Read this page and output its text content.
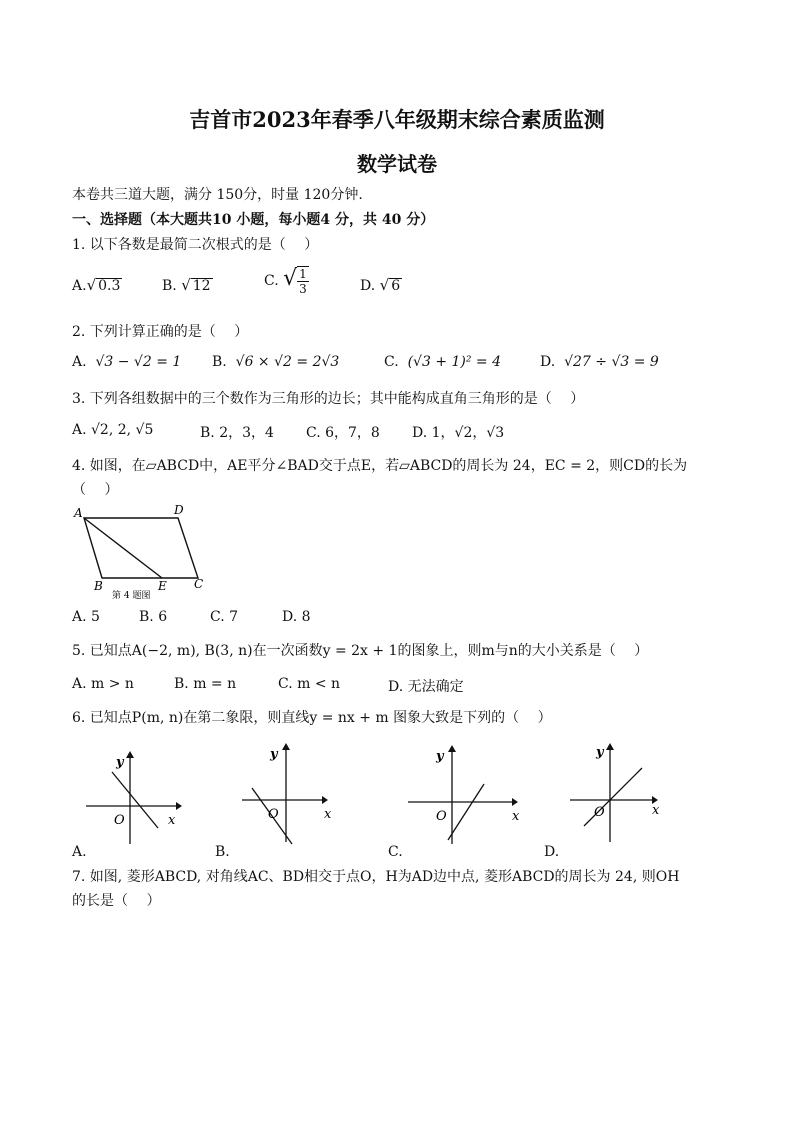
吉首市2023年春季八年级期末综合素质监测
数学试卷
本卷共三道大题，满分 150分，时量 120分钟.
一、选择题（本大题共10 小题，每小题4 分，共 40 分）
1. 以下各数是最简二次根式的是（　 ）
A.√ 0.3	B. √ 12	C. √ $\frac{1}{3}$	D. √ 6
2. 下列计算正确的是（　 ）
A. √3 − √2 = 1 B. √6 × √2 = 2√3	C. (√3 + 1)² = 4	D. √27 ÷ √3 = 9
3. 下列各组数据中的三个数作为三角形的边长；其中能构成直角三角形的是（　 ）
A. √2, 2, √5	B. 2，3，4 C. 6，7，8 D. 1，√2，√3
4. 如图，在▱ABCD中，AE平分∠BAD交于点E，若▱ABCD的周长为 24，EC = 2，则CD的长为
（　 ）
A	D
B	E C
第 4 题图
A. 5	B. 6	C. 7	D. 8
5. 已知点A(−2, m), B(3, n)在一次函数y = 2x + 1的图象上，则m与n的大小关系是（　 ）
A. m > n	B. m = n	C. m < n	D. 无法确定
6. 已知点P(m, n)在第二象限，则直线y = nx + m 图象大致是下列的（　 ）
y
x
O
A.
y
x
O
B.
y
x
O
C.
y
x
O
D.
7. 如图, 菱形ABCD, 对角线AC、BD相交于点O，H为AD边中点, 菱形ABCD的周长为 24, 则OH
的长是（　 ）
